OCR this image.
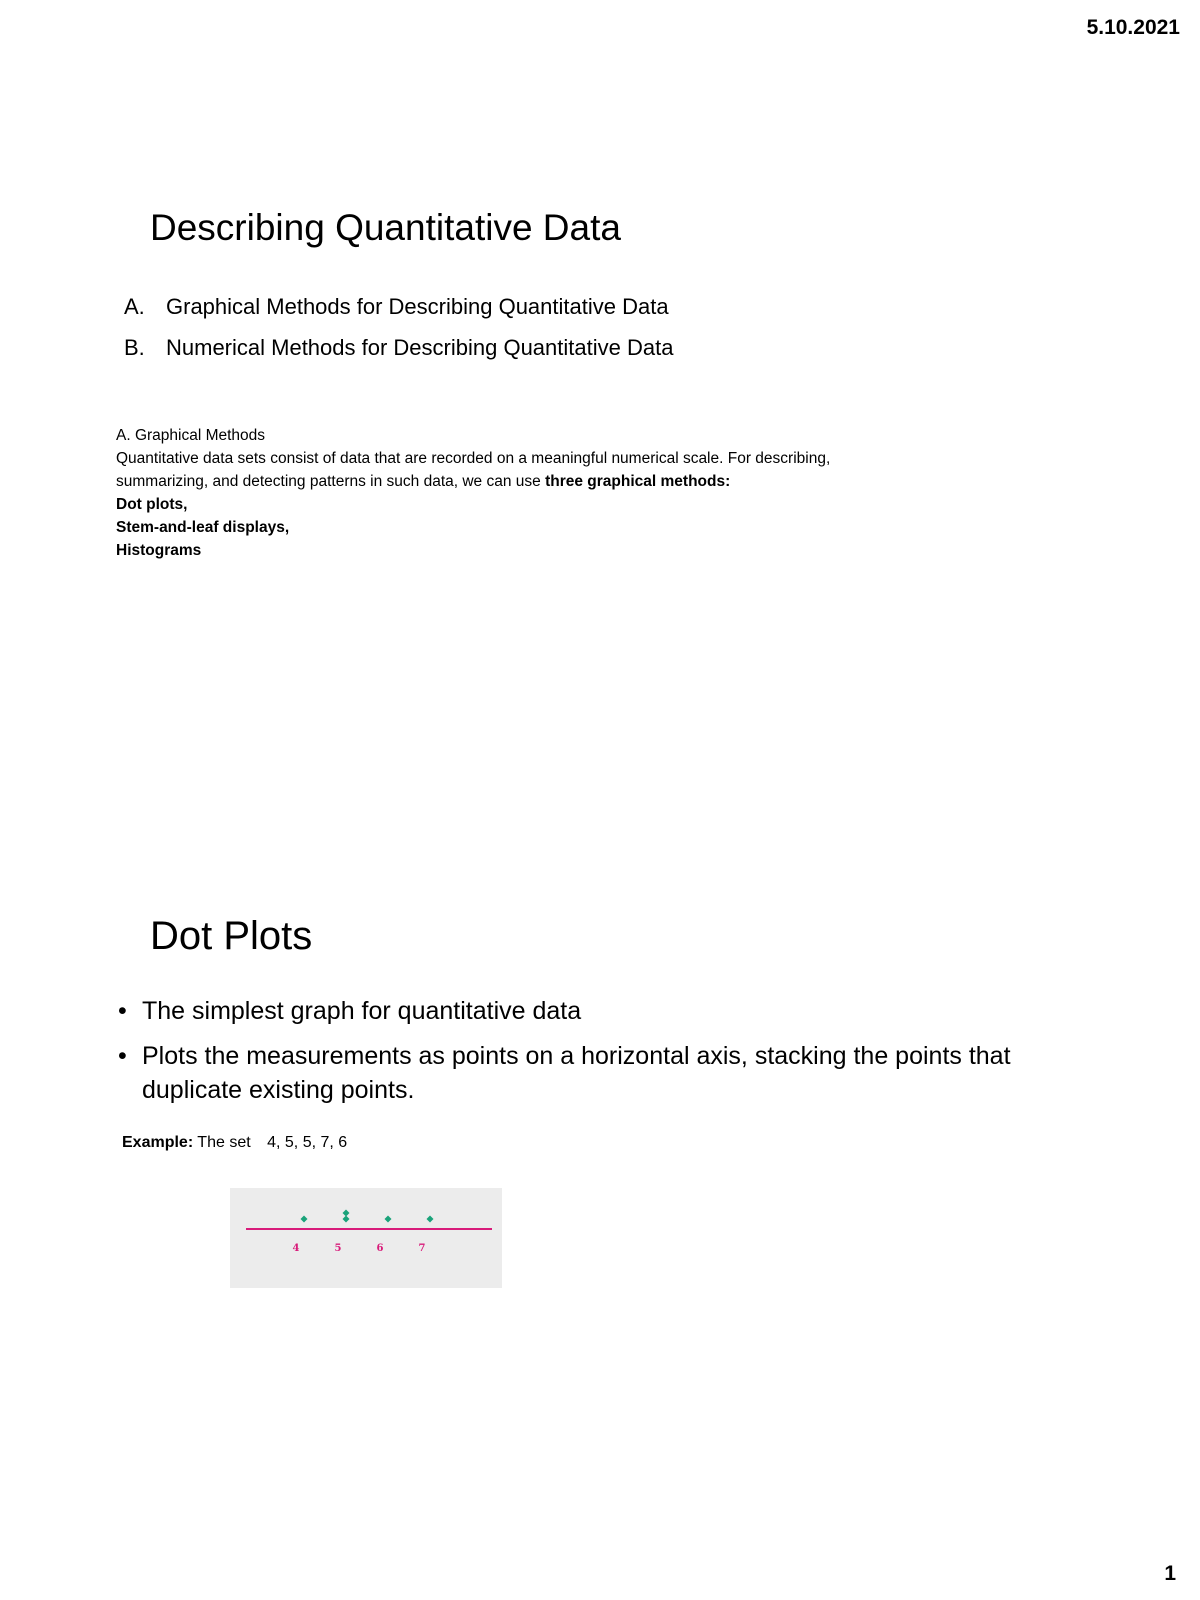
5.10.2021
Describing Quantitative Data
A. Graphical Methods for Describing Quantitative Data
B. Numerical Methods for Describing Quantitative Data

A. Graphical Methods

Quantitative data sets consist of data that are recorded on a meaningful numerical scale. For describing,

summarizing, and detecting patterns in such data, we can use three graphical methods:

Dot plots,

Stem-and-leaf displays,

Histograms

Dot Plots
• The simplest graph for quantitative data
• Plots the measurements as points on a horizontal axis, stacking the points that duplicate existing points.
Example: The set 4, 5, 5, 7, 6
4	5	6	7
1
